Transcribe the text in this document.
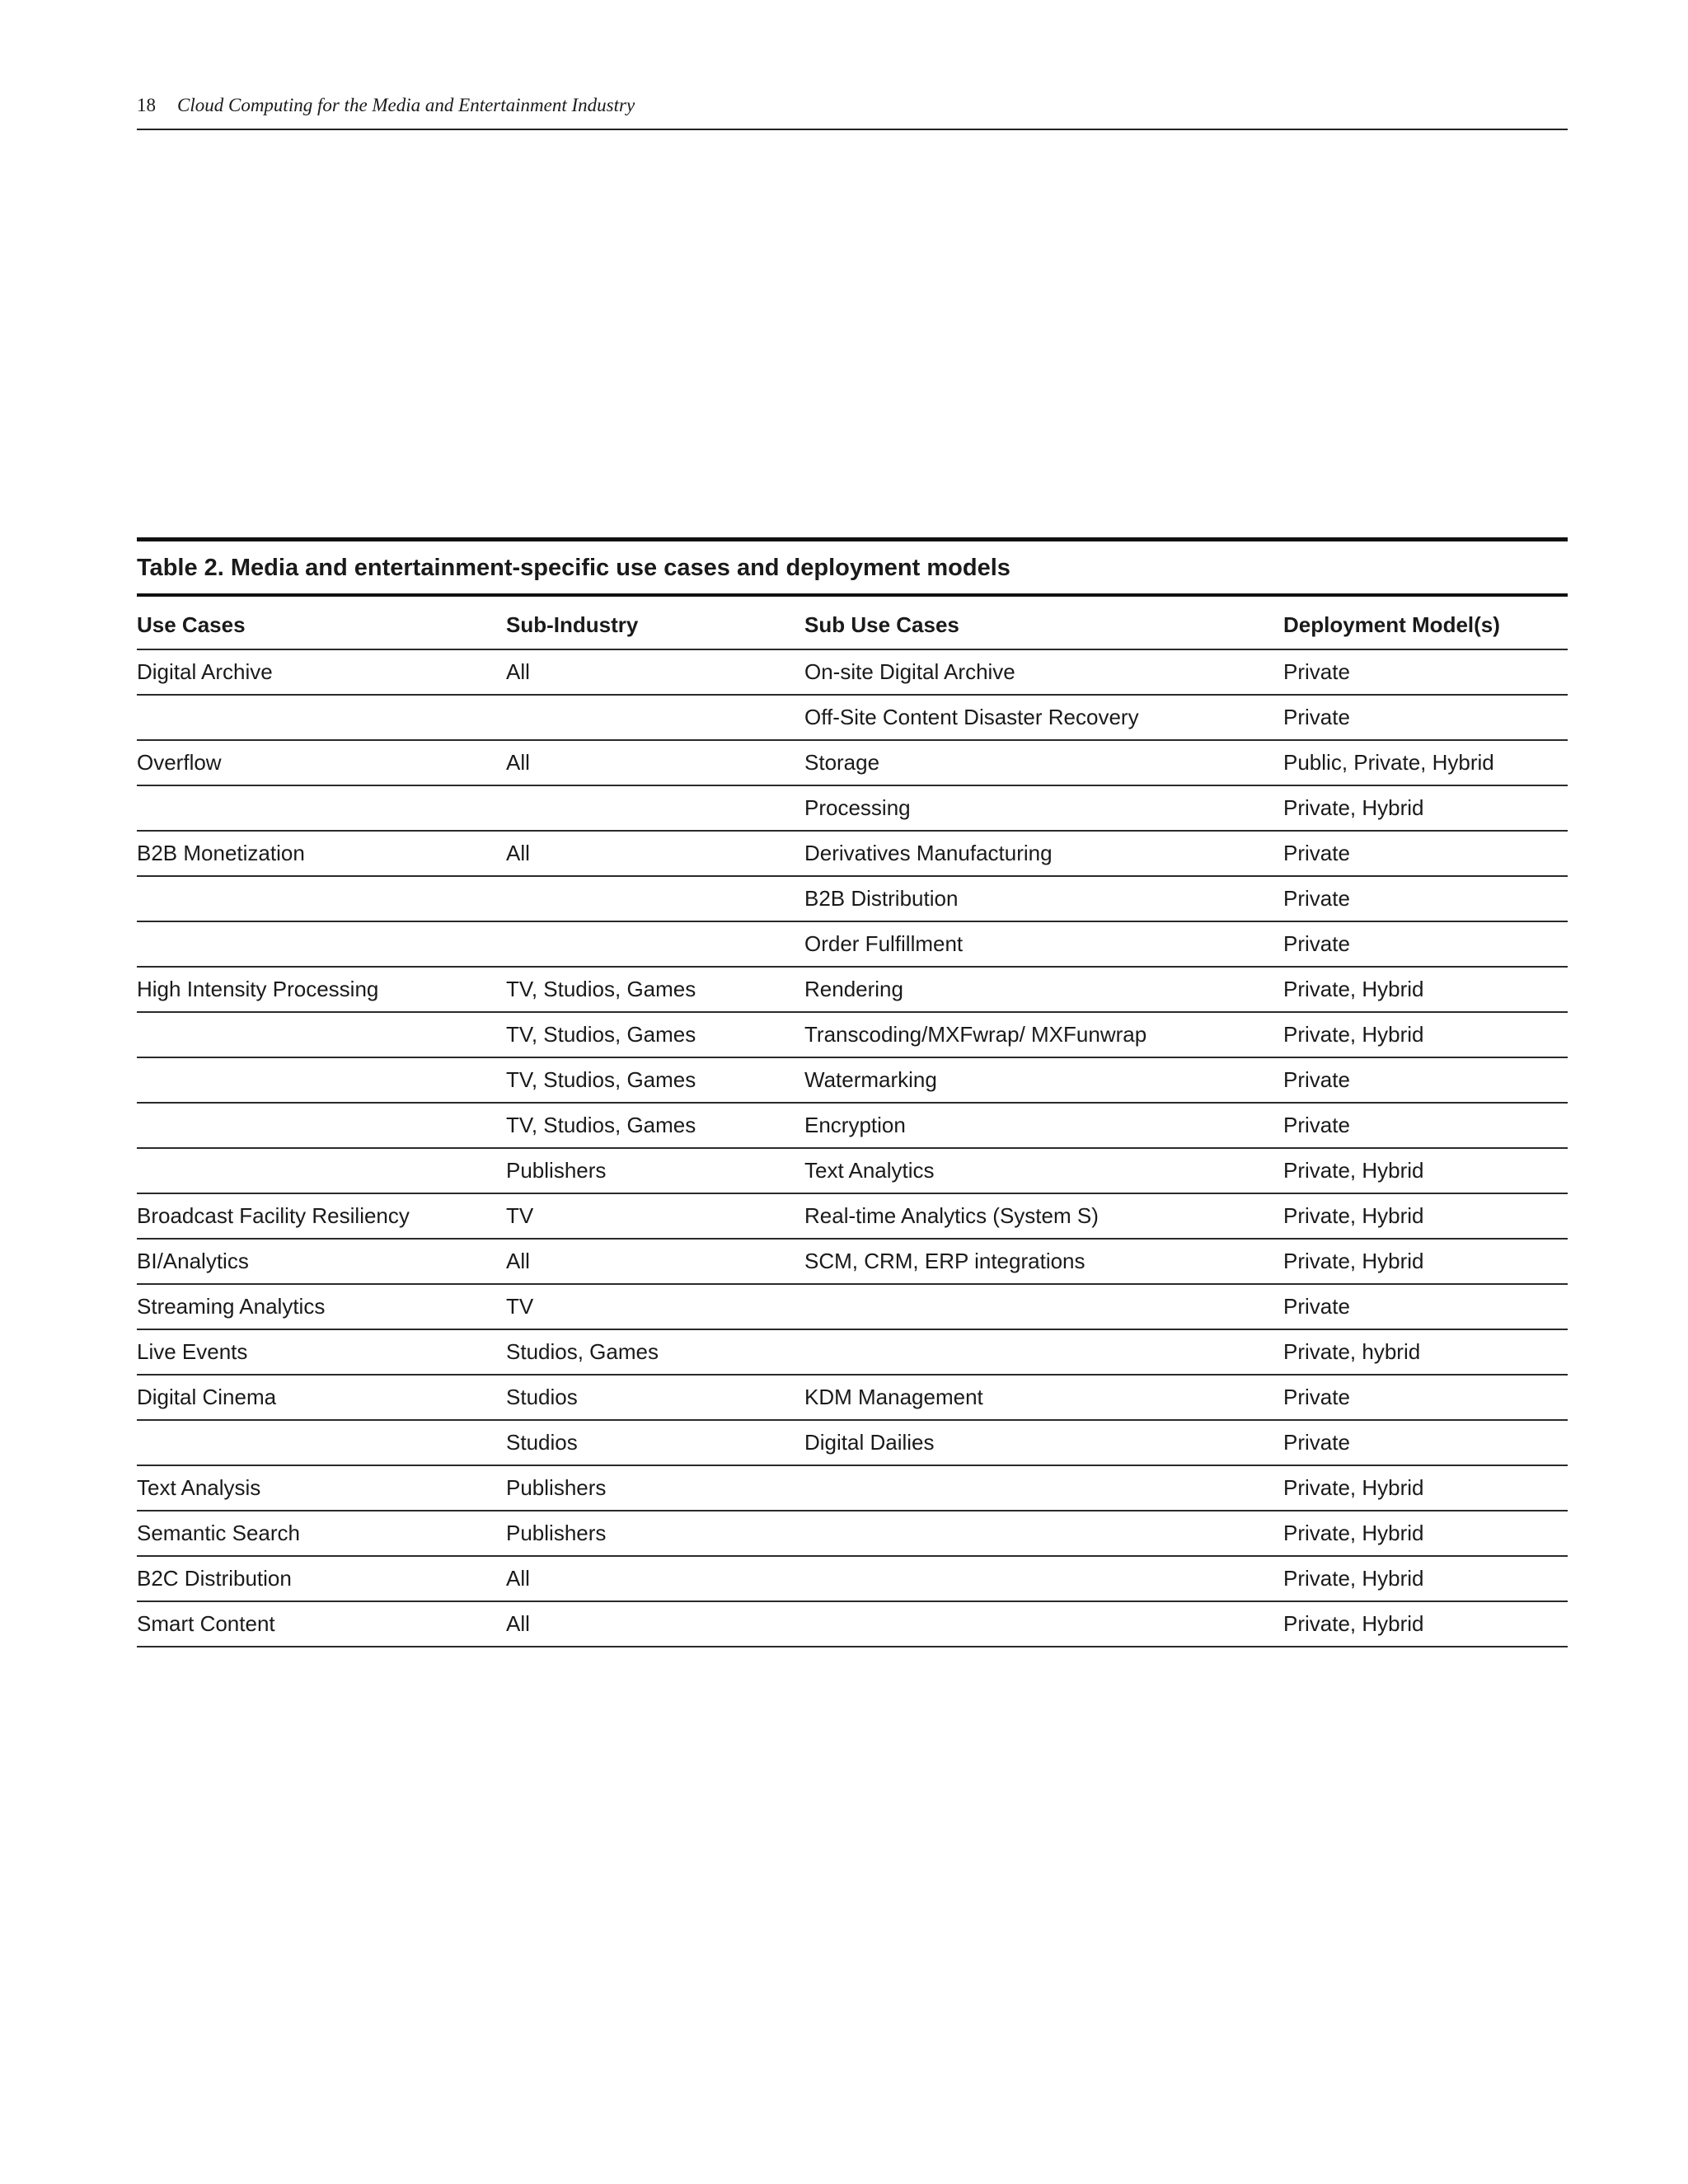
18 Cloud Computing for the Media and Entertainment Industry
Table 2. Media and entertainment-specific use cases and deployment models
Use Cases	Sub-Industry	Sub Use Cases	Deployment Model(s)
Digital Archive	All	On-site Digital Archive	Private
		Off-Site Content Disaster Recovery	Private
Overflow	All	Storage	Public, Private, Hybrid
		Processing	Private, Hybrid
B2B Monetization	All	Derivatives Manufacturing	Private
		B2B Distribution	Private
		Order Fulfillment	Private
High Intensity Processing	TV, Studios, Games	Rendering	Private, Hybrid
	TV, Studios, Games	Transcoding/MXFwrap/ MXFunwrap	Private, Hybrid
	TV, Studios, Games	Watermarking	Private
	TV, Studios, Games	Encryption	Private
	Publishers	Text Analytics	Private, Hybrid
Broadcast Facility Resiliency	TV	Real-time Analytics (System S)	Private, Hybrid
BI/Analytics	All	SCM, CRM, ERP integrations	Private, Hybrid
Streaming Analytics	TV		Private
Live Events	Studios, Games		Private, hybrid
Digital Cinema	Studios	KDM Management	Private
	Studios	Digital Dailies	Private
Text Analysis	Publishers		Private, Hybrid
Semantic Search	Publishers		Private, Hybrid
B2C Distribution	All		Private, Hybrid
Smart Content	All		Private, Hybrid
